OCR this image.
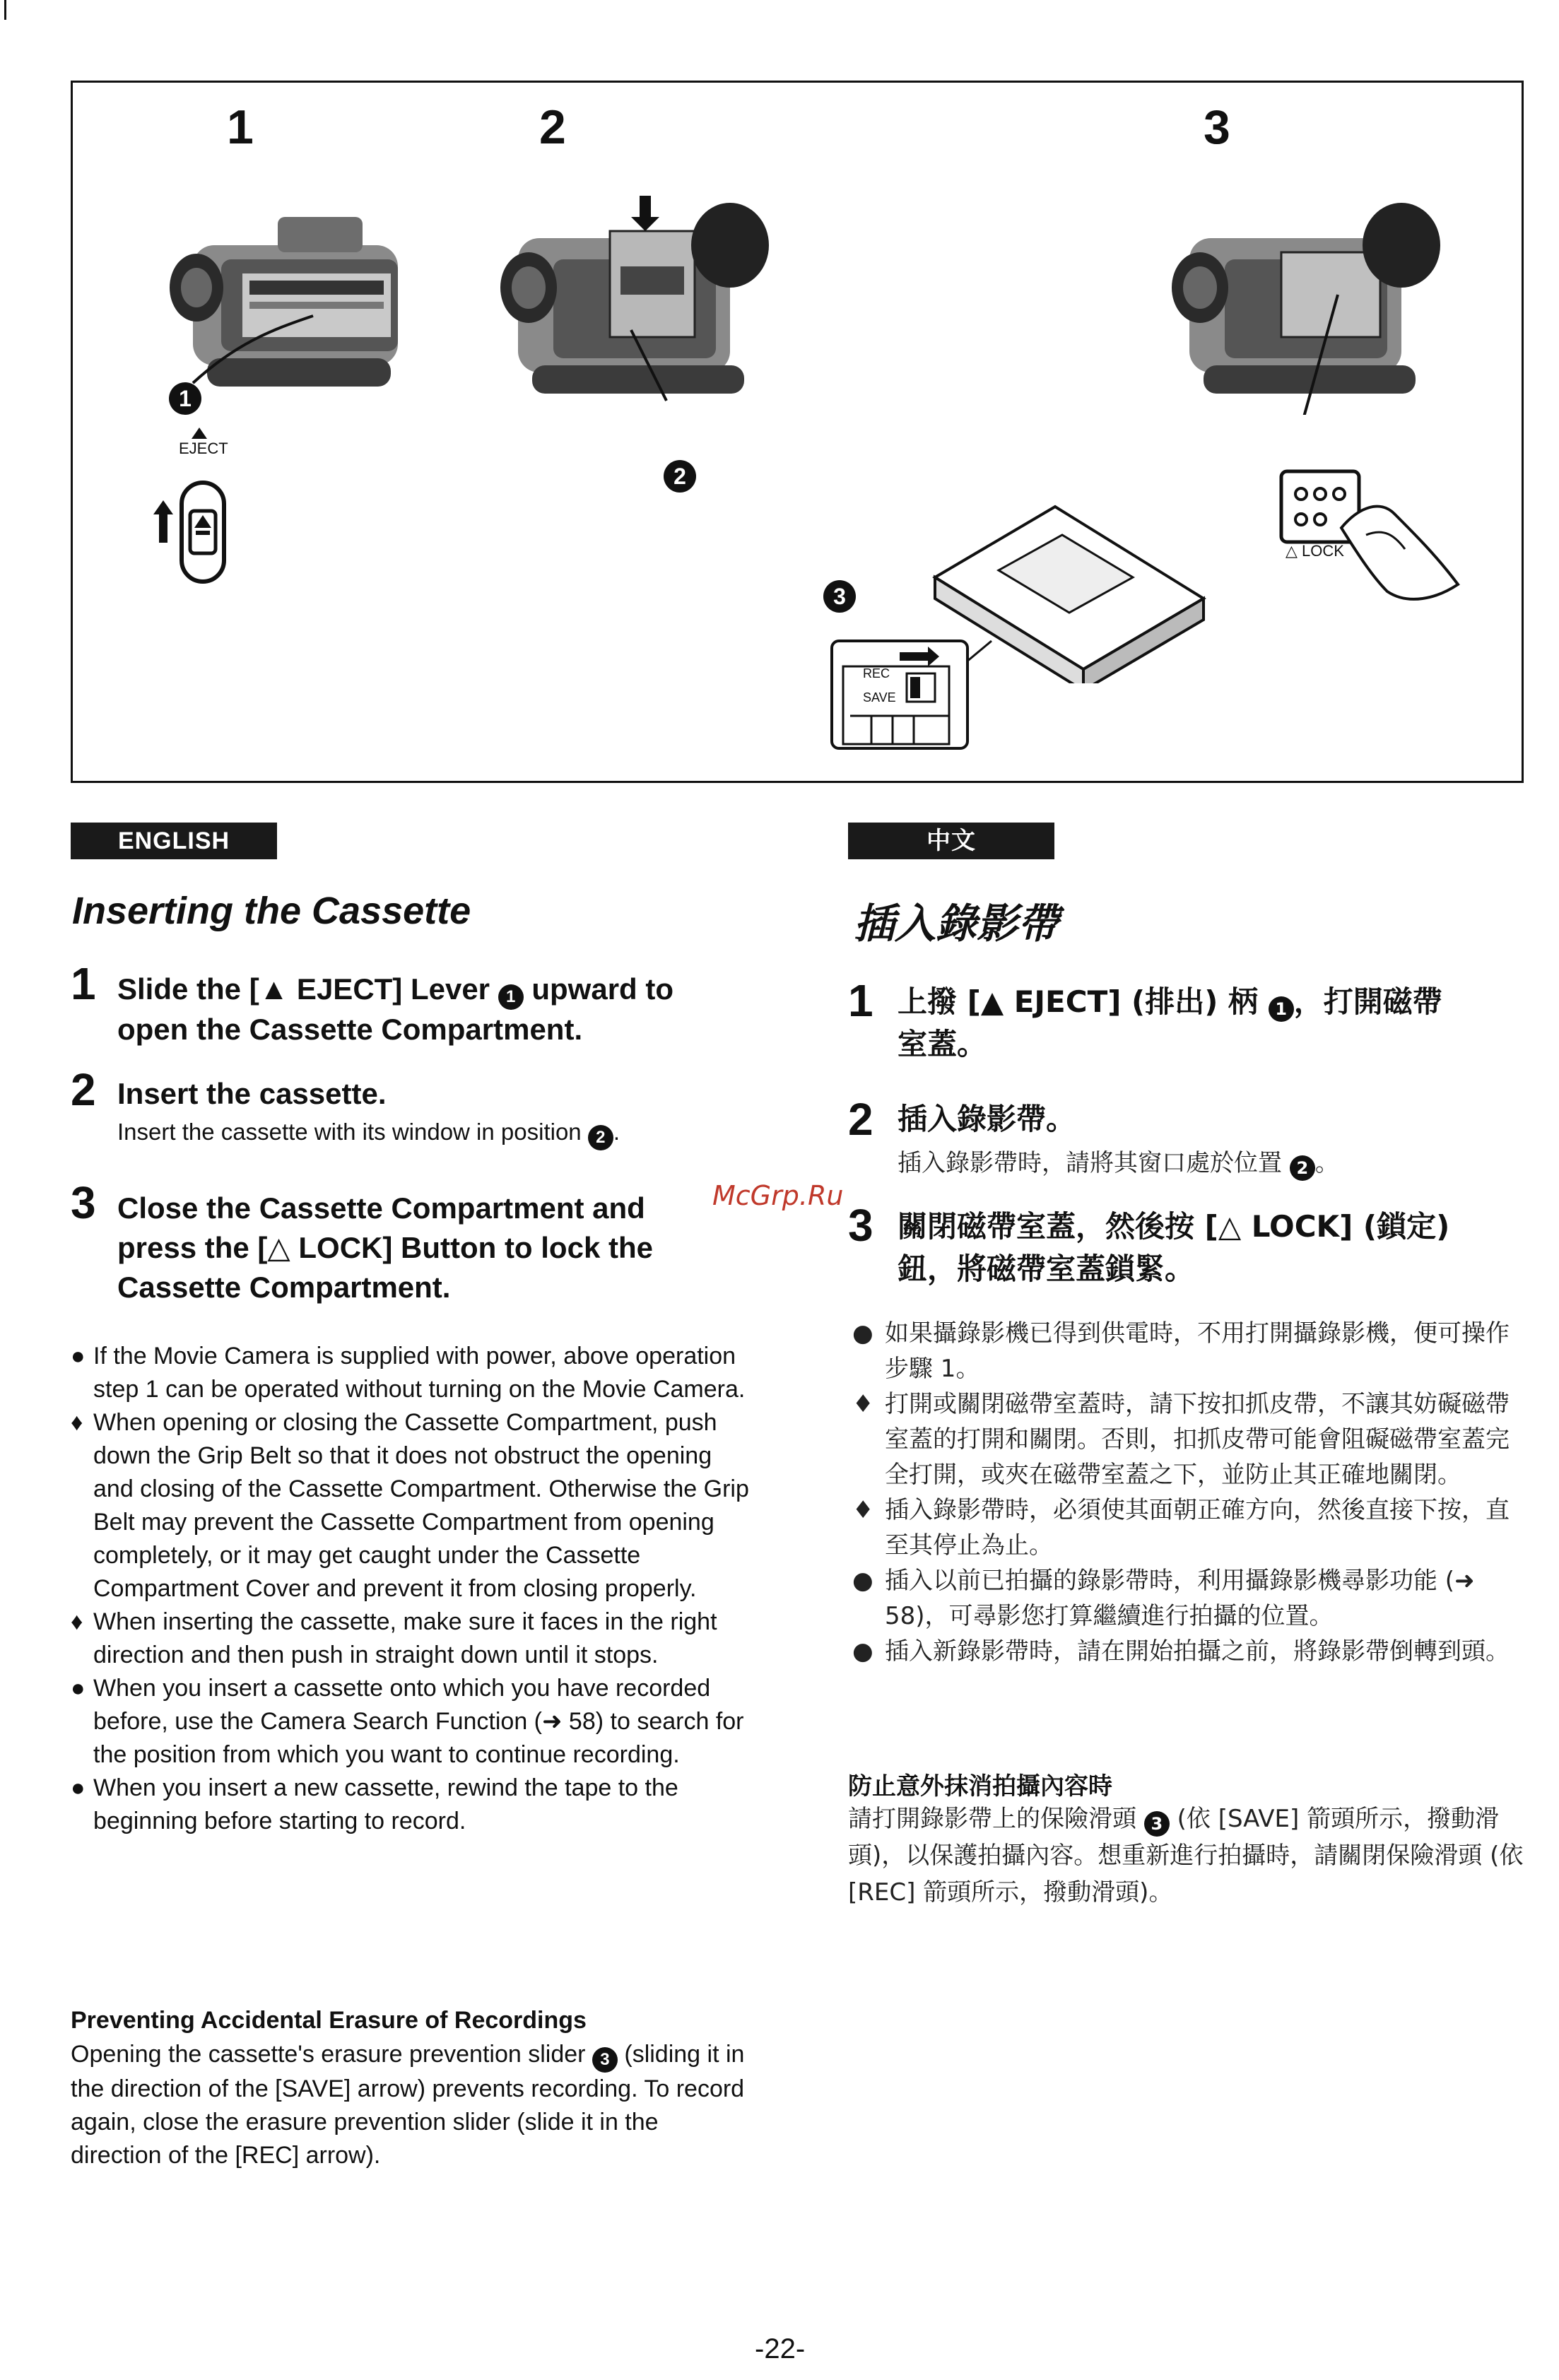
1	2	3
1
EJECT
2
3
REC
SAVE
△ LOCK
ENGLISH
Inserting the Cassette
1 Slide the [▲ EJECT] Lever 1 upward to
open the Cassette Compartment.
2 Insert the cassette.
Insert the cassette with its window in position 2 .
3 Close the Cassette Compartment and
press the [△ LOCK] Button to lock the
Cassette Compartment.
● If the Movie Camera is supplied with power, above operation step 1 can be operated without turning on the Movie Camera.
♦ When opening or closing the Cassette Compartment, push down the Grip Belt so that it does not obstruct the opening and closing of the Cassette Compartment. Otherwise the Grip Belt may prevent the Cassette Compartment from opening completely, or it may get caught under the Cassette Compartment Cover and prevent it from closing properly.
♦ When inserting the cassette, make sure it faces in the right direction and then push in straight down until it stops.
● When you insert a cassette onto which you have recorded before, use the Camera Search Function (➜ 58) to search for the position from which you want to continue recording.
● When you insert a new cassette, rewind the tape to the beginning before starting to record.
Preventing Accidental Erasure of Recordings
Opening the cassette's erasure prevention slider 3 (sliding it in the direction of the [SAVE] arrow) prevents recording. To record again, close the erasure prevention slider (slide it in the direction of the [REC] arrow).
McGrp.Ru
中文
插入錄影帶
1 上撥 [▲ EJECT] (排出) 柄 1 ，打開磁帶
室蓋。
2 插入錄影帶。
插入錄影帶時，請將其窗口處於位置 2 。
3 關閉磁帶室蓋，然後按 [△ LOCK] (鎖定)
鈕，將磁帶室蓋鎖緊。
● 如果攝錄影機已得到供電時，不用打開攝錄影機，便可操作步驟 1。
♦ 打開或關閉磁帶室蓋時，請下按扣抓皮帶，不讓其妨礙磁帶室蓋的打開和關閉。否則，扣抓皮帶可能會阻礙磁帶室蓋完全打開，或夾在磁帶室蓋之下，並防止其正確地關閉。
♦ 插入錄影帶時，必須使其面朝正確方向，然後直接下按，直至其停止為止。
● 插入以前已拍攝的錄影帶時，利用攝錄影機尋影功能 (➜ 58)，可尋影您打算繼續進行拍攝的位置。
● 插入新錄影帶時，請在開始拍攝之前，將錄影帶倒轉到頭。
防止意外抹消拍攝內容時
請打開錄影帶上的保險滑頭 3 (依 [SAVE] 箭頭所示，撥動滑頭)，以保護拍攝內容。想重新進行拍攝時，請關閉保險滑頭 (依 [REC] 箭頭所示，撥動滑頭)。
-22-
